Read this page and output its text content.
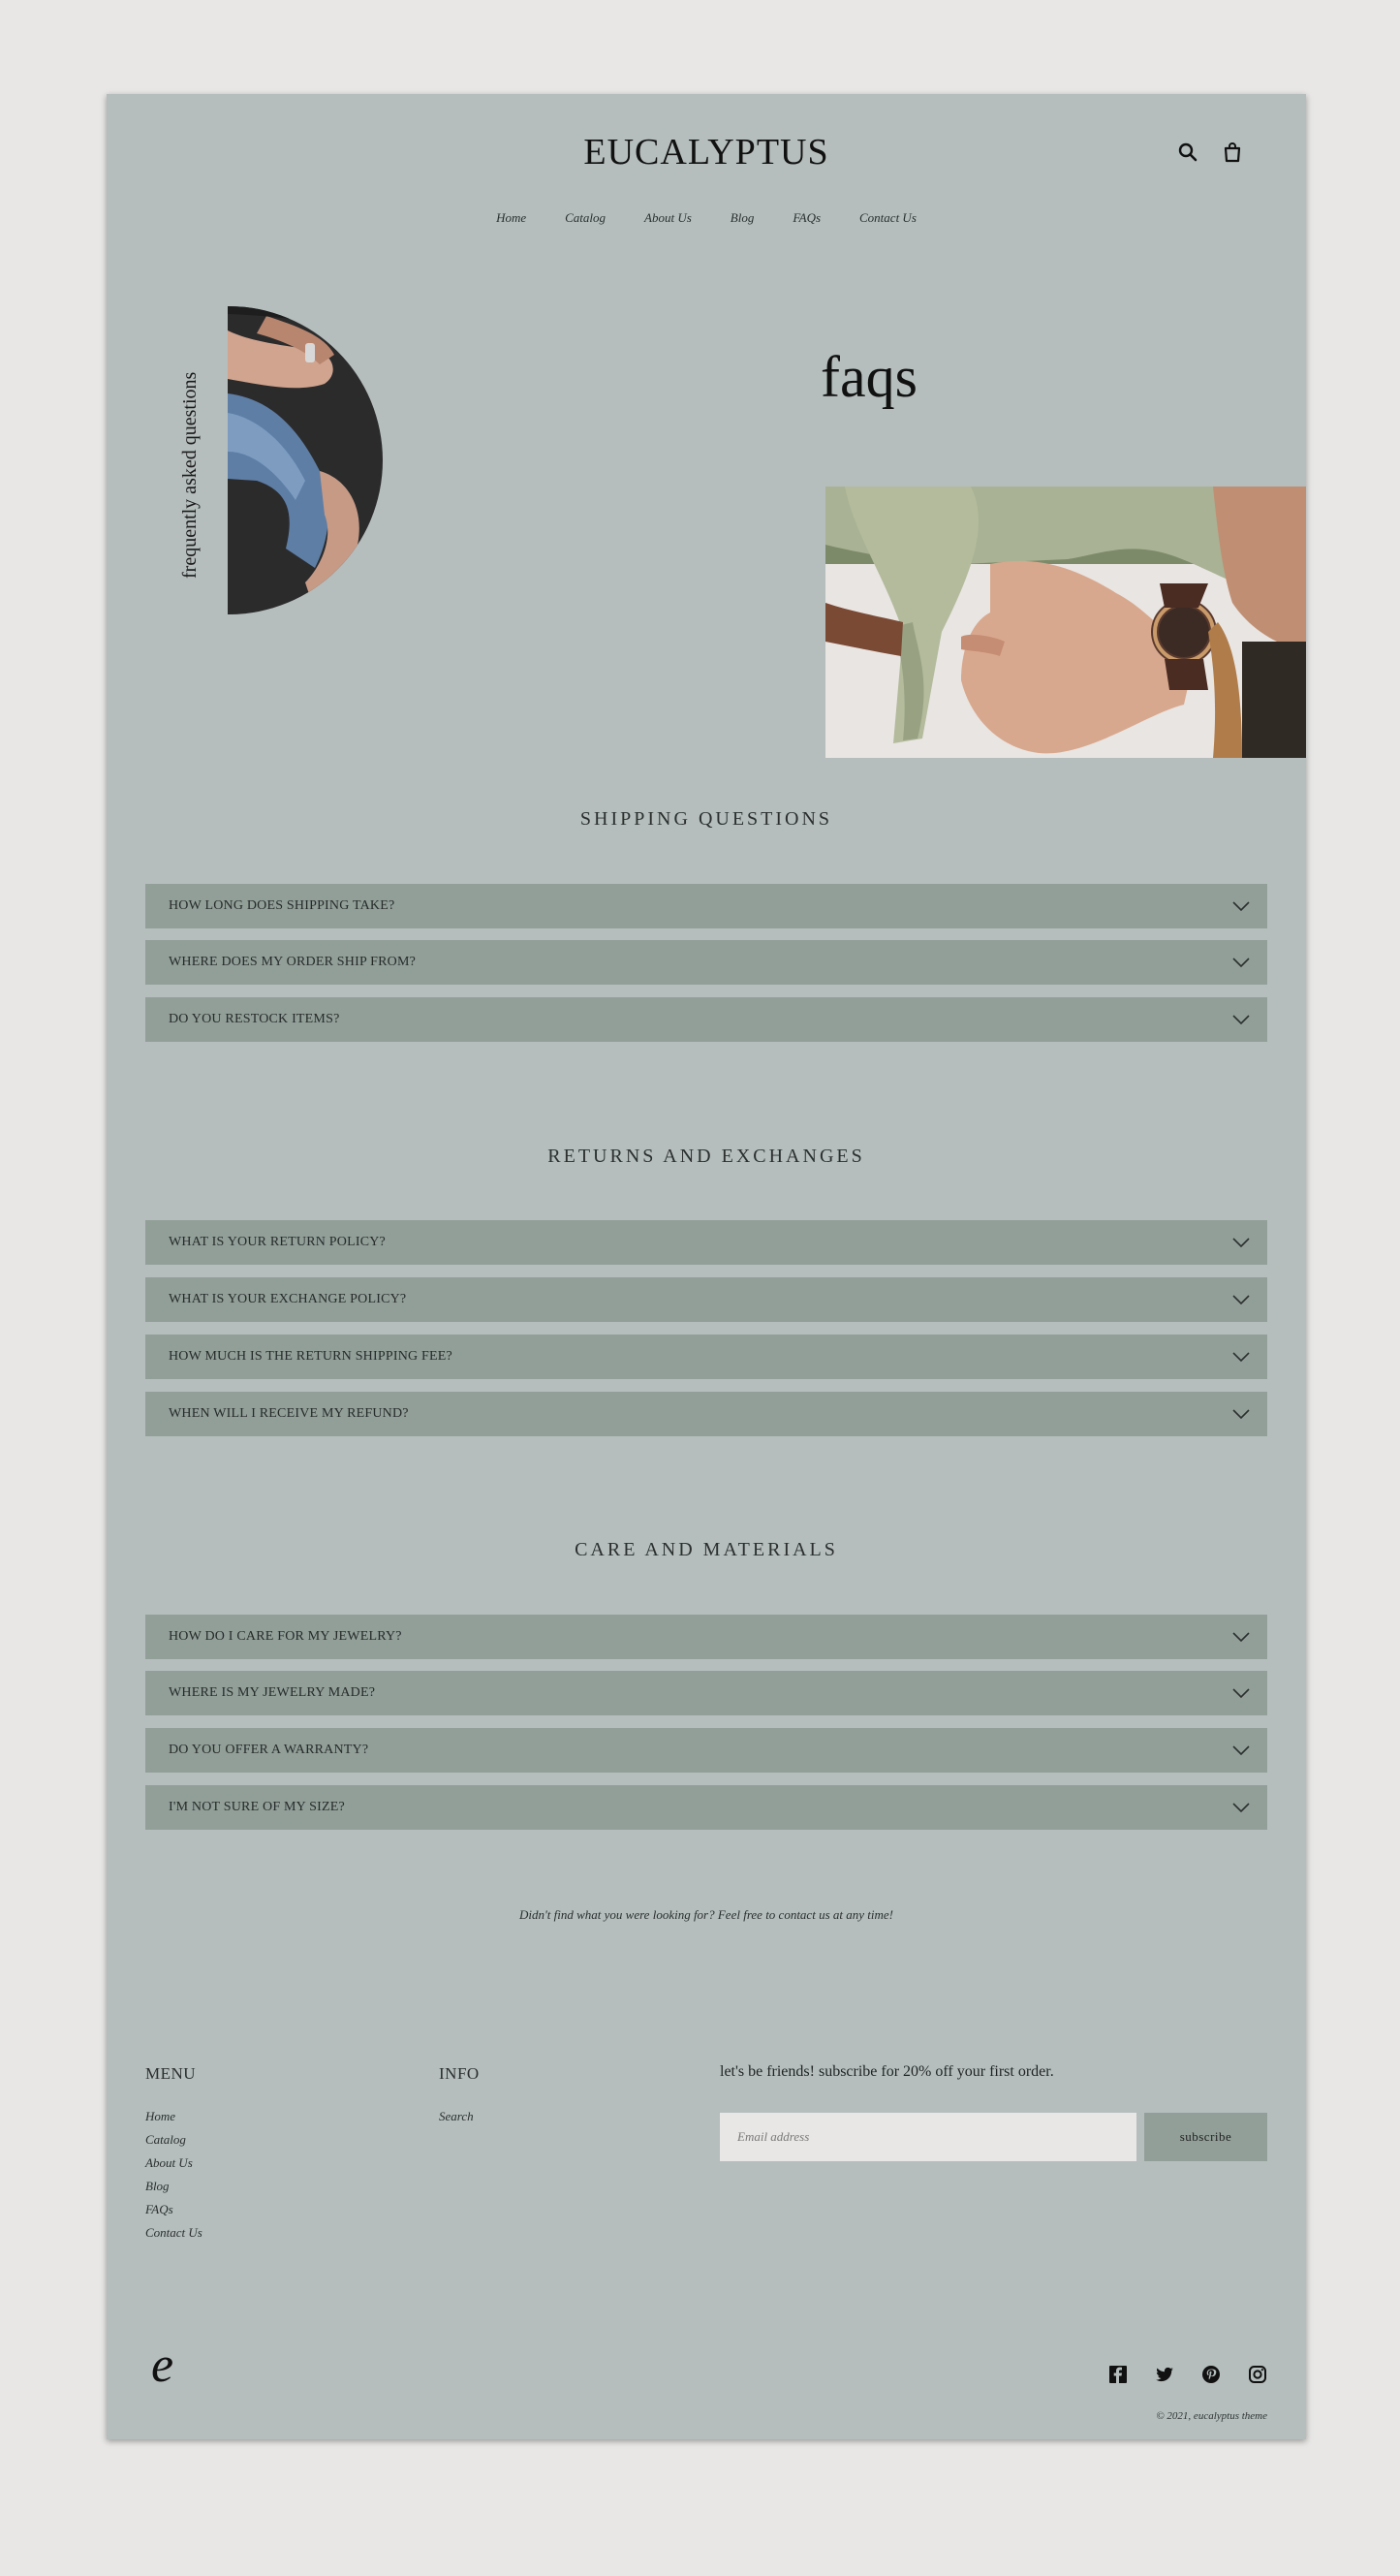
EUCALYPTUS
Home	Catalog	About Us	Blog	FAQs	Contact Us
frequently asked questions	faqs
SHIPPING QUESTIONS
HOW LONG DOES SHIPPING TAKE?
WHERE DOES MY ORDER SHIP FROM?
DO YOU RESTOCK ITEMS?
RETURNS AND EXCHANGES
WHAT IS YOUR RETURN POLICY?
WHAT IS YOUR EXCHANGE POLICY?
HOW MUCH IS THE RETURN SHIPPING FEE?
WHEN WILL I RECEIVE MY REFUND?
CARE AND MATERIALS
HOW DO I CARE FOR MY JEWELRY?
WHERE IS MY JEWELRY MADE?
DO YOU OFFER A WARRANTY?
I'M NOT SURE OF MY SIZE?
Didn't find what you were looking for? Feel free to contact us at any time!
MENU
Home
Catalog
About Us
Blog
FAQs
Contact Us
INFO
Search
let's be friends! subscribe for 20% off your first order.
Email address
subscribe
e
© 2021, eucalyptus theme
